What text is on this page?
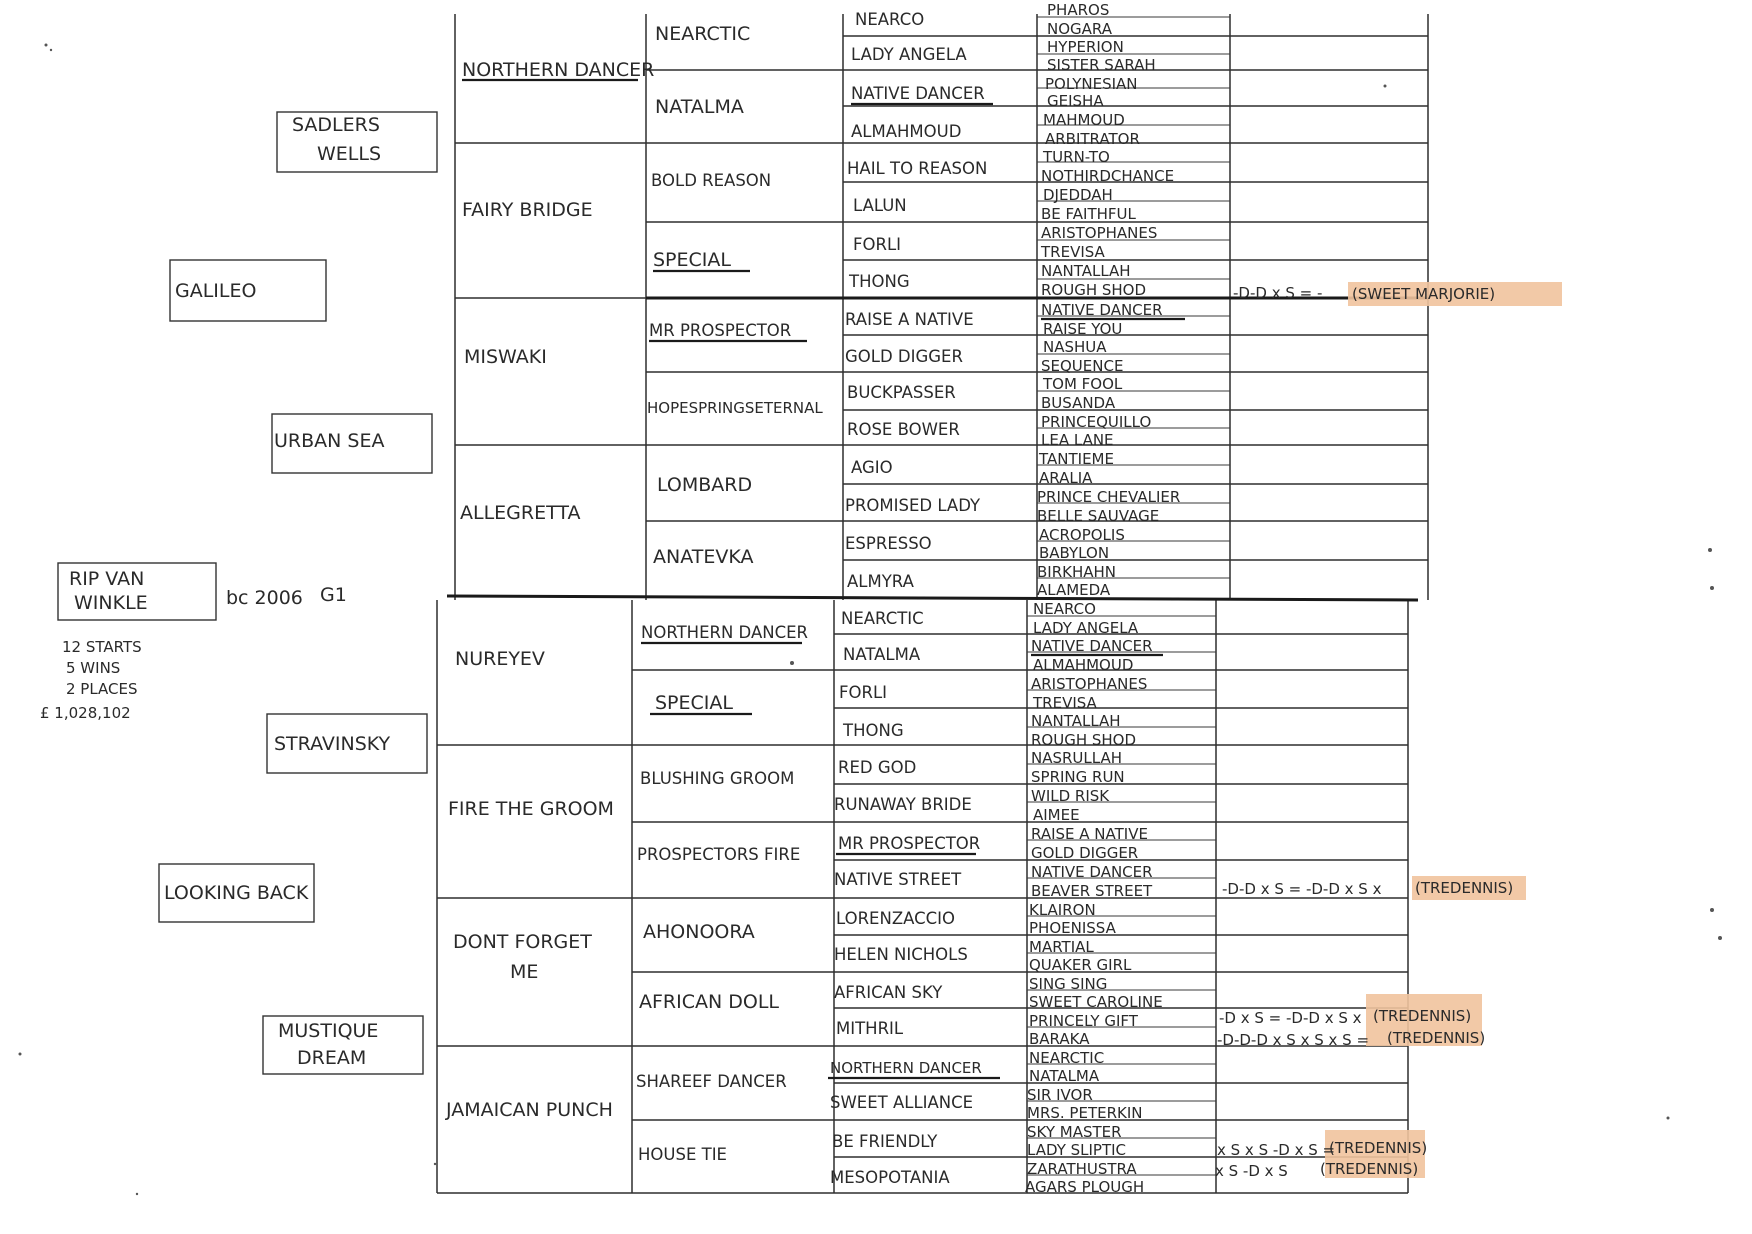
RIP VAN
WINKLE	bc 2006 G1
12 STARTS
5 WINS
2 PLACES
£ 1,028,102
GALILEO
LOOKING BACK
SADLERS
WELLS
URBAN SEA
STRAVINSKY
MUSTIQUE
DREAM
NORTHERN DANCER
FAIRY BRIDGE
MISWAKI
ALLEGRETTA
NUREYEV
FIRE THE GROOM
DONT FORGET
ME
JAMAICAN PUNCH
NEARCTIC
NATALMA
BOLD REASON
SPECIAL
MR PROSPECTOR
HOPESPRINGSETERNAL
LOMBARD
ANATEVKA
NORTHERN DANCER
SPECIAL
BLUSHING GROOM
PROSPECTORS FIRE
AHONOORA
AFRICAN DOLL
SHAREEF DANCER
HOUSE TIE
NEARCO
LADY ANGELA
NATIVE DANCER
ALMAHMOUD
HAIL TO REASON
LALUN
FORLI
THONG
RAISE A NATIVE
GOLD DIGGER
BUCKPASSER
ROSE BOWER
AGIO
PROMISED LADY
ESPRESSO
ALMYRA
NEARCTIC
NATALMA
FORLI
THONG
RED GOD
RUNAWAY BRIDE
MR PROSPECTOR
NATIVE STREET
LORENZACCIO
HELEN NICHOLS
AFRICAN SKY
MITHRIL
NORTHERN DANCER
SWEET ALLIANCE
BE FRIENDLY
MESOPOTANIA
PHAROS
NOGARA
HYPERION
SISTER SARAH
POLYNESIAN
GEISHA
MAHMOUD
ARBITRATOR
TURN-TO
NOTHIRDCHANCE
DJEDDAH
BE FAITHFUL
ARISTOPHANES
TREVISA
NANTALLAH
ROUGH SHOD
NATIVE DANCER
RAISE YOU
NASHUA
SEQUENCE
TOM FOOL
BUSANDA
PRINCEQUILLO
LEA LANE
TANTIEME
ARALIA
PRINCE CHEVALIER
BELLE SAUVAGE
ACROPOLIS
BABYLON
BIRKHAHN
ALAMEDA
NEARCO
LADY ANGELA
NATIVE DANCER
ALMAHMOUD
ARISTOPHANES
TREVISA
NANTALLAH
ROUGH SHOD
NASRULLAH
SPRING RUN
WILD RISK
AIMEE
RAISE A NATIVE
GOLD DIGGER
NATIVE DANCER
BEAVER STREET
KLAIRON
PHOENISSA
MARTIAL
QUAKER GIRL
SING SING
SWEET CAROLINE
PRINCELY GIFT
BARAKA
NEARCTIC
NATALMA
SIR IVOR
MRS. PETERKIN
SKY MASTER
LADY SLIPTIC
ZARATHUSTRA
AGARS PLOUGH
-D-D x S = - (SWEET MARJORIE)
-D-D x S = -D-D x S x (TREDENNIS)
-D x S = -D-D x S x (TREDENNIS)
-D-D-D x S x S x S = (TREDENNIS)
x S x S -D x S =
(TREDENNIS)
x S -D x S (TREDENNIS)
